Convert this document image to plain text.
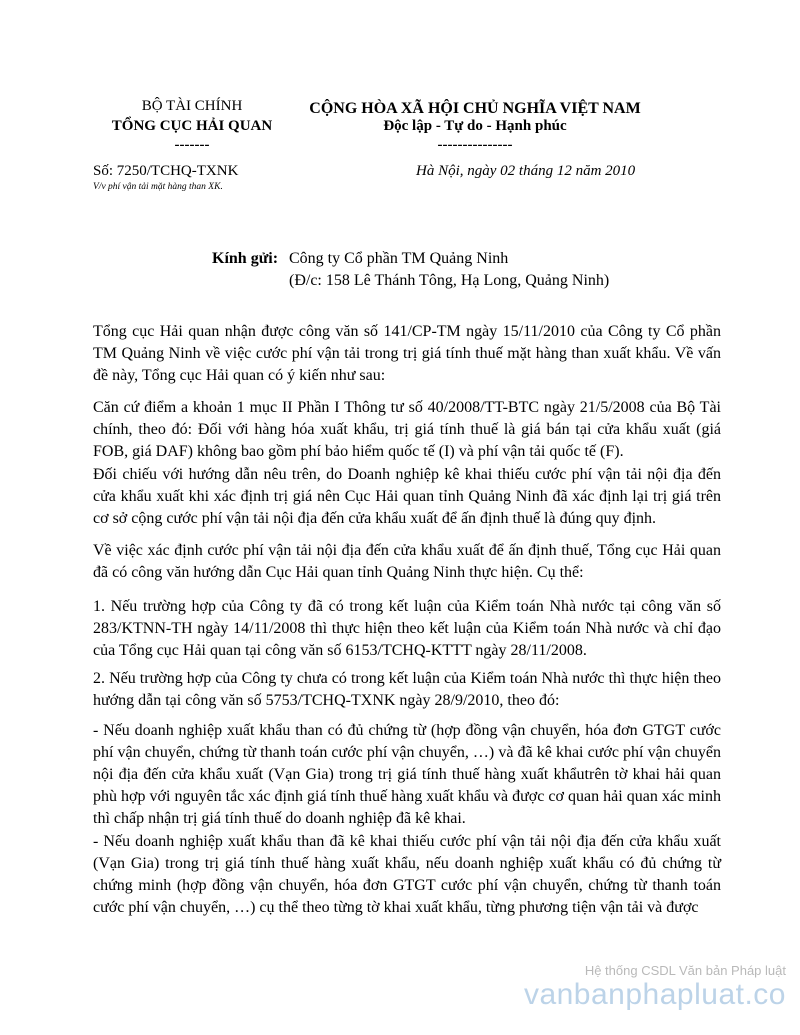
BỘ TÀI CHÍNH
TỔNG CỤC HẢI QUAN
-------
CỘNG HÒA XÃ HỘI CHỦ NGHĨA VIỆT NAM
Độc lập - Tự do - Hạnh phúc
---------------
Số: 7250/TCHQ-TXNK
V/v phí vận tải mặt hàng than XK.
Hà Nội, ngày 02 tháng 12 năm 2010
Kính gửi: Công ty Cổ phần TM Quảng Ninh
(Đ/c: 158 Lê Thánh Tông, Hạ Long, Quảng Ninh)
Tổng cục Hải quan nhận được công văn số 141/CP-TM ngày 15/11/2010 của Công ty Cổ phần TM Quảng Ninh về việc cước phí vận tải trong trị giá tính thuế mặt hàng than xuất khẩu. Về vấn đề này, Tổng cục Hải quan có ý kiến như sau:
Căn cứ điểm a khoản 1 mục II Phần I Thông tư số 40/2008/TT-BTC ngày 21/5/2008 của Bộ Tài chính, theo đó: Đối với hàng hóa xuất khẩu, trị giá tính thuế là giá bán tại cửa khẩu xuất (giá FOB, giá DAF) không bao gồm phí bảo hiểm quốc tế (I) và phí vận tải quốc tế (F).
Đối chiếu với hướng dẫn nêu trên, do Doanh nghiệp kê khai thiếu cước phí vận tải nội địa đến cửa khẩu xuất khi xác định trị giá nên Cục Hải quan tỉnh Quảng Ninh đã xác định lại trị giá trên cơ sở cộng cước phí vận tải nội địa đến cửa khẩu xuất để ấn định thuế là đúng quy định.
Về việc xác định cước phí vận tải nội địa đến cửa khẩu xuất để ấn định thuế, Tổng cục Hải quan đã có công văn hướng dẫn Cục Hải quan tỉnh Quảng Ninh thực hiện. Cụ thể:
1. Nếu trường hợp của Công ty đã có trong kết luận của Kiểm toán Nhà nước tại công văn số 283/KTNN-TH ngày 14/11/2008 thì thực hiện theo kết luận của Kiểm toán Nhà nước và chỉ đạo của Tổng cục Hải quan tại công văn số 6153/TCHQ-KTTT ngày 28/11/2008.
2. Nếu trường hợp của Công ty chưa có trong kết luận của Kiểm toán Nhà nước thì thực hiện theo hướng dẫn tại công văn số 5753/TCHQ-TXNK ngày 28/9/2010, theo đó:
- Nếu doanh nghiệp xuất khẩu than có đủ chứng từ (hợp đồng vận chuyển, hóa đơn GTGT cước phí vận chuyển, chứng từ thanh toán cước phí vận chuyển, …) và đã kê khai cước phí vận chuyển nội địa đến cửa khẩu xuất (Vạn Gia) trong trị giá tính thuế hàng xuất khẩutrên tờ khai hải quan phù hợp với nguyên tắc xác định giá tính thuế hàng xuất khẩu và được cơ quan hải quan xác minh thì chấp nhận trị giá tính thuế do doanh nghiệp đã kê khai.
- Nếu doanh nghiệp xuất khẩu than đã kê khai thiếu cước phí vận tải nội địa đến cửa khẩu xuất (Vạn Gia) trong trị giá tính thuế hàng xuất khẩu, nếu doanh nghiệp xuất khẩu có đủ chứng từ chứng minh (hợp đồng vận chuyển, hóa đơn GTGT cước phí vận chuyển, chứng từ thanh toán cước phí vận chuyển, …) cụ thể theo từng tờ khai xuất khẩu, từng phương tiện vận tải và được
Hệ thống CSDL Văn bản Pháp luật
vanbanphapluat.co
